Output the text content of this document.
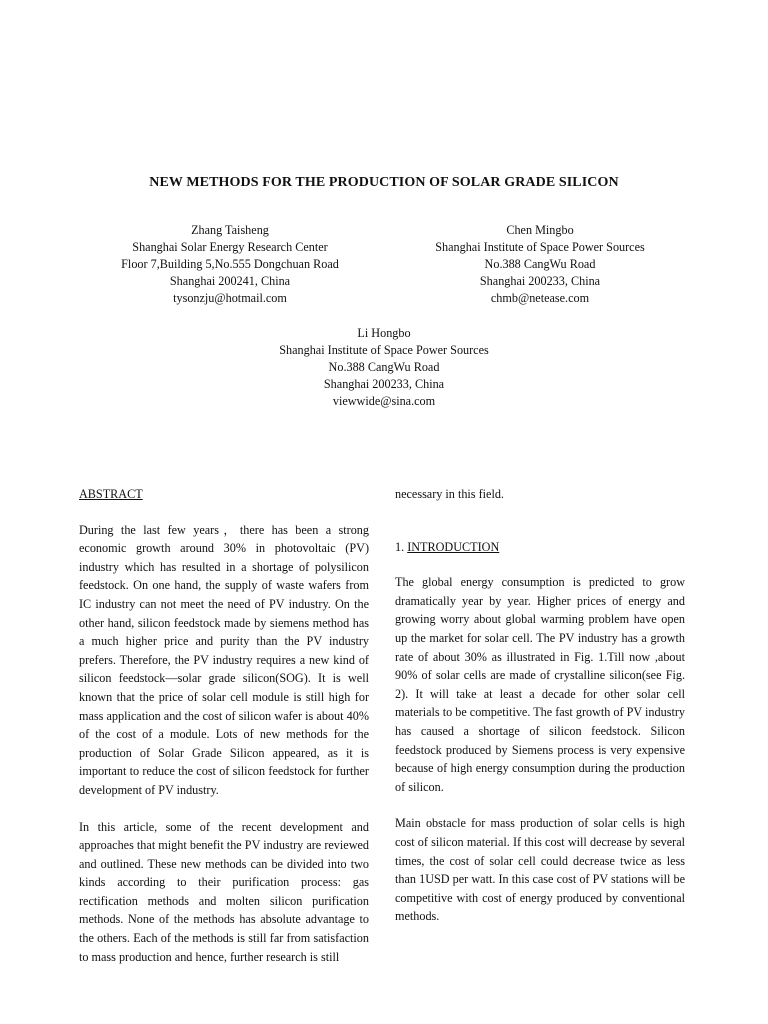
NEW METHODS FOR THE PRODUCTION OF SOLAR GRADE SILICON
Zhang Taisheng
Shanghai Solar Energy Research Center
Floor 7,Building 5,No.555 Dongchuan Road
Shanghai 200241, China
tysonzju@hotmail.com
Chen Mingbo
Shanghai Institute of Space Power Sources
No.388 CangWu Road
Shanghai 200233, China
chmb@netease.com
Li Hongbo
Shanghai Institute of Space Power Sources
No.388 CangWu Road
Shanghai 200233, China
viewwide@sina.com

ABSTRACT

During the last few years，there has been a strong economic growth around 30% in photovoltaic (PV) industry which has resulted in a shortage of polysilicon feedstock. On one hand, the supply of waste wafers from IC industry can not meet the need of PV industry. On the other hand, silicon feedstock made by siemens method has a much higher price and purity than the PV industry prefers. Therefore, the PV industry requires a new kind of silicon feedstock—solar grade silicon(SOG). It is well known that the price of solar cell module is still high for mass application and the cost of silicon wafer is about 40% of the cost of a module. Lots of new methods for the production of Solar Grade Silicon appeared, as it is important to reduce the cost of silicon feedstock for further development of PV industry.

In this article, some of the recent development and approaches that might benefit the PV industry are reviewed and outlined. These new methods can be divided into two kinds according to their purification process: gas rectification methods and molten silicon purification methods. None of the methods has absolute advantage to the others. Each of the methods is still far from satisfaction to mass production and hence, further research is still

necessary in this field.

1. INTRODUCTION

The global energy consumption is predicted to grow dramatically year by year. Higher prices of energy and growing worry about global warming problem have open up the market for solar cell. The PV industry has a growth rate of about 30% as illustrated in Fig. 1.Till now ,about 90% of solar cells are made of crystalline silicon(see Fig. 2). It will take at least a decade for other solar cell materials to be competitive. The fast growth of PV industry has caused a shortage of silicon feedstock. Silicon feedstock produced by Siemens process is very expensive because of high energy consumption during the production of silicon.

Main obstacle for mass production of solar cells is high cost of silicon material. If this cost will decrease by several times, the cost of solar cell could decrease twice as less than 1USD per watt. In this case cost of PV stations will be competitive with cost of energy produced by conventional methods.
